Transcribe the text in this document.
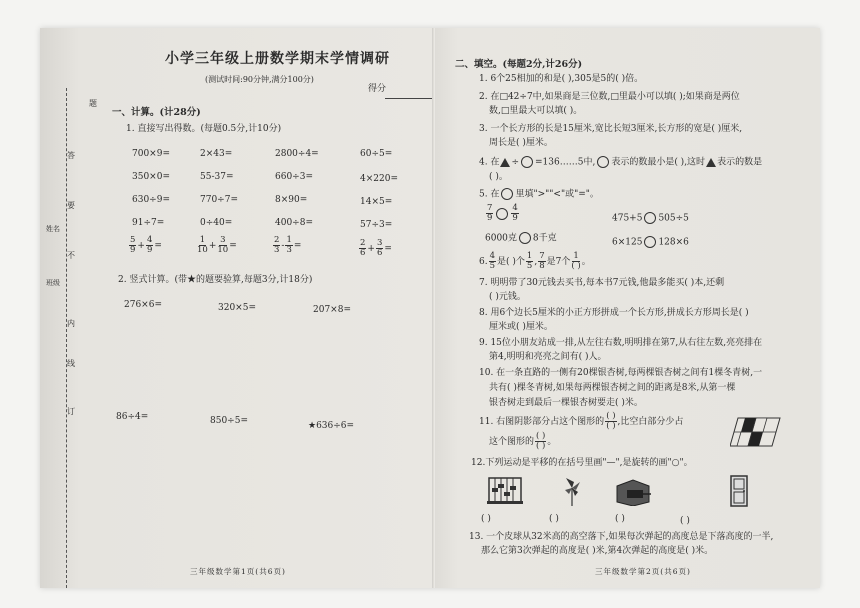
题
答
要
不
内
线
订
姓名
班级
小学三年级上册数学期末学情调研
(测试时间:90分钟,满分100分)
得分
一、计算。(计28分)
1. 直接写出得数。(每题0.5分,计10分)
700×9=	2×43=	2800÷4=	60÷5=
350×0=	55-37=	660÷3=	4×220=
630÷9=	770÷7=	8×90=	14×5=
91÷7=	0÷40=	400÷8=	57÷3=
$\frac{5}{9} + \frac{4}{9}$ =	$\frac{1}{10} + \frac{3}{10}$ =	$\frac{2}{3} - \frac{1}{3}$ =	$\frac{2}{6} + \frac{3}{6}$ =
2. 竖式计算。(带★的题要验算,每题3分,计18分)
276×6=	320×5=	207×8=
86÷4=	850÷5=	★636÷6=
三年级数学第1页(共6页)
二、填空。(每题2分,计26分)
1. 6个25相加的和是( ),305是5的( )倍。
2. 在□42÷7中,如果商是三位数,□里最小可以填( );如果商是两位
数,□里最大可以填( )。
3. 一个长方形的长是15厘米,宽比长短3厘米,长方形的宽是( )厘米,
周长是( )厘米。
4. 在 ÷ =136……5中, 表示的数最小是( ),这时 表示的数是
( )。
5. 在 里填">""<"或"="。
$\frac{7}{9} \frac{4}{9}$	475+5 505÷5
6000克 8千克	6×125 128×6
6. $\frac{4}{5}$ 是( )个 $\frac{1}{5}$ , $\frac{7}{8}$ 是7个 $\frac{1}{( )}$ 。
7. 明明带了30元钱去买书,每本书7元钱,他最多能买( )本,还剩
( )元钱。
8. 用6个边长5厘米的小正方形拼成一个长方形,拼成长方形周长是( )
厘米或( )厘米。
9. 15位小朋友站成一排,从左往右数,明明排在第7,从右往左数,亮亮排在
第4,明明和亮亮之间有( )人。
10. 在一条直路的一侧有20棵银杏树,每两棵银杏树之间有1棵冬青树,一
共有( )棵冬青树,如果每两棵银杏树之间的距离是8米,从第一棵
银杏树走到最后一棵银杏树要走( )米。
11. 右图阴影部分占这个图形的 $\frac{( )}{( )}$ ,比空白部分少占
这个图形的 $\frac{( )}{( )}$ 。
12.下列运动是平移的在括号里画"—",是旋转的画"○"。
( )	( )	( )	( )
13. 一个皮球从32米高的高空落下,如果每次弹起的高度总是下落高度的一半,
那么它第3次弹起的高度是( )米,第4次弹起的高度是( )米。
三年级数学第2页(共6页)
